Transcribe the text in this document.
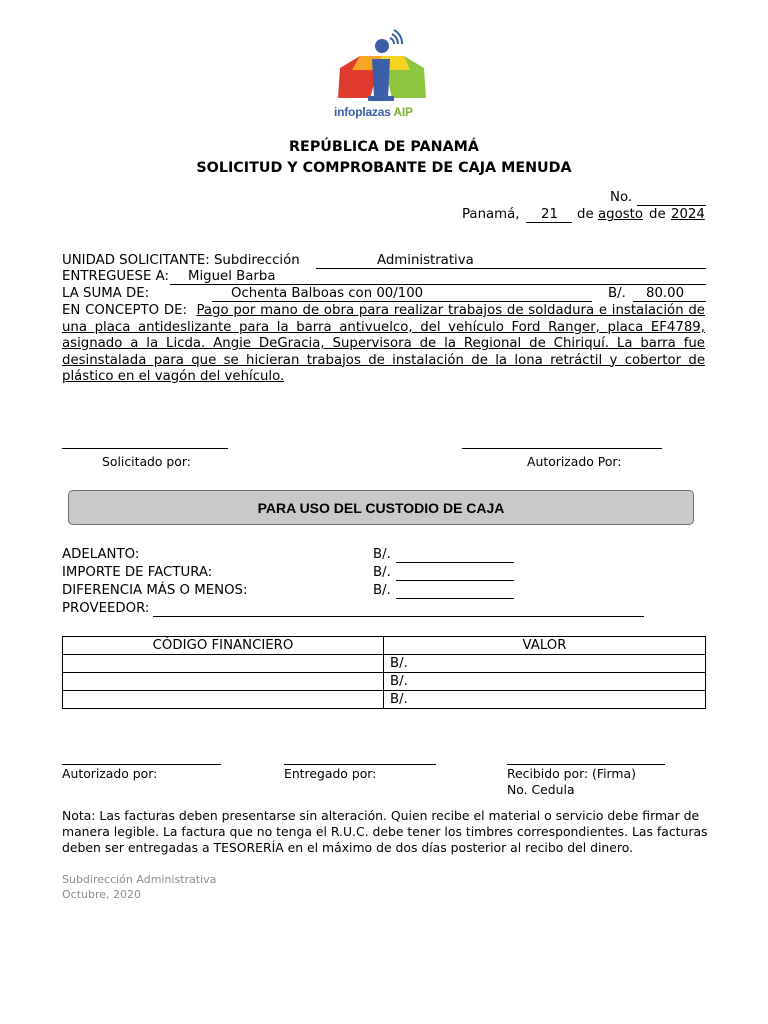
infoplazas AIP
REPÚBLICA DE PANAMÁ
SOLICITUD Y COMPROBANTE DE CAJA MENUDA
No.
Panamá, 21 de agosto de 2024
UNIDAD SOLICITANTE: Subdirección	Administrativa
ENTREGUESE A: Miguel Barba
LA SUMA DE:	Ochenta Balboas con 00/100	B/. 80.00
EN CONCEPTO DE: Pago por mano de obra para realizar trabajos de soldadura e instalación de una placa antideslizante para la barra antivuelco, del vehículo Ford Ranger, placa EF4789, asignado a la Licda. Angie DeGracia, Supervisora de la Regional de Chiriquí. La barra fue desinstalada para que se hicieran trabajos de instalación de la lona retráctil y cobertor de plástico en el vagón del vehículo.
Solicitado por:	Autorizado Por:
PARA USO DEL CUSTODIO DE CAJA
ADELANTO:	B/.
IMPORTE DE FACTURA:	B/.
DIFERENCIA MÁS O MENOS:	B/.
PROVEEDOR:
CÓDIGO FINANCIERO	VALOR
	B/.
	B/.
	B/.
Autorizado por:	Entregado por:	Recibido por: (Firma)
No. Cedula
Nota: Las facturas deben presentarse sin alteración. Quien recibe el material o servicio debe firmar de manera legible. La factura que no tenga el R.U.C. debe tener los timbres correspondientes. Las facturas deben ser entregadas a TESORERÍA en el máximo de dos días posterior al recibo del dinero.
Subdirección Administrativa
Octubre, 2020
